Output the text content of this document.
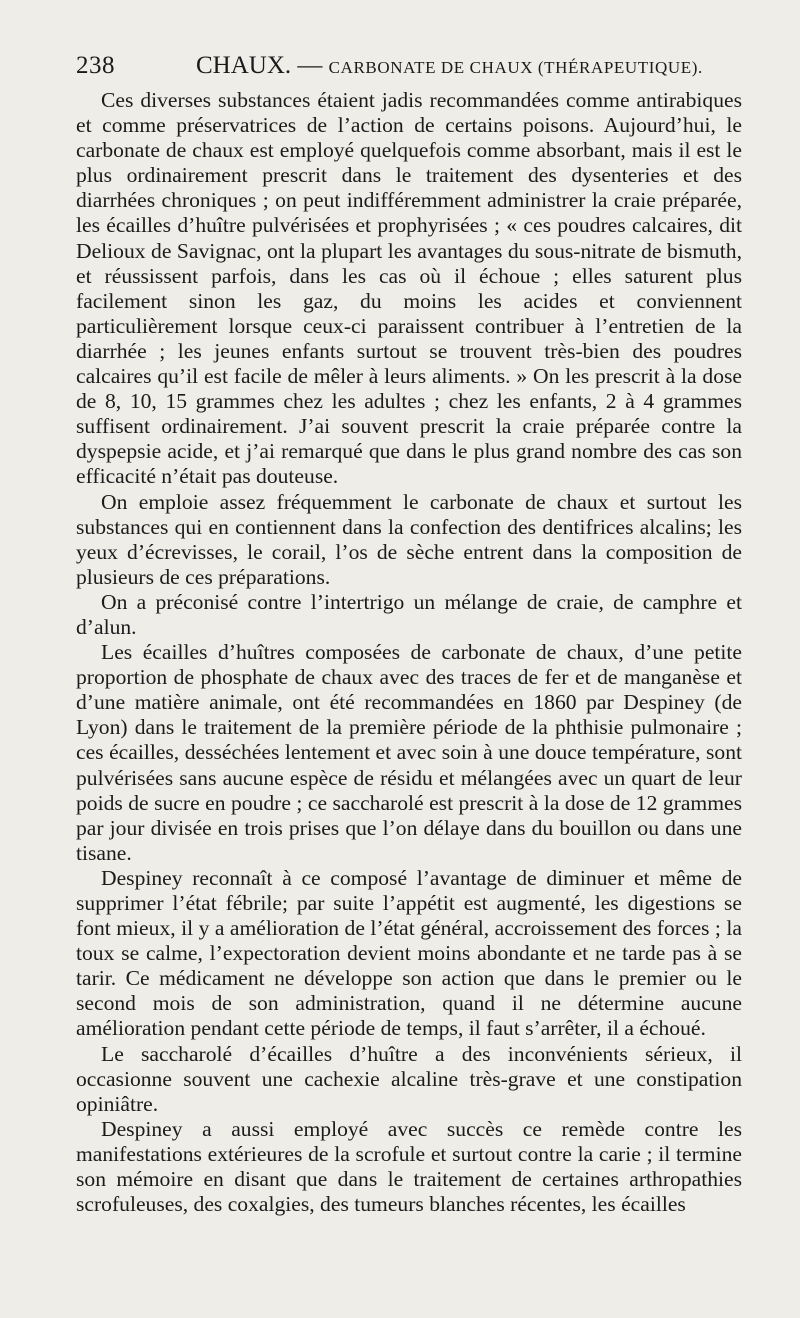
238	CHAUX. — CARBONATE DE CHAUX (THÉRAPEUTIQUE).

Ces diverses substances étaient jadis recommandées comme antirabiques et comme préservatrices de l’action de certains poisons. Aujourd’hui, le carbonate de chaux est employé quelquefois comme absorbant, mais il est le plus ordinairement prescrit dans le traitement des dysenteries et des diarrhées chroniques ; on peut indifféremment administrer la craie préparée, les écailles d’huître pulvérisées et prophyrisées ; « ces poudres calcaires, dit Delioux de Savignac, ont la plupart les avantages du sous-nitrate de bismuth, et réussissent parfois, dans les cas où il échoue ; elles saturent plus facilement sinon les gaz, du moins les acides et conviennent particulièrement lorsque ceux-ci paraissent contribuer à l’entretien de la diarrhée ; les jeunes enfants surtout se trouvent très-bien des poudres calcaires qu’il est facile de mêler à leurs aliments. » On les prescrit à la dose de 8, 10, 15 grammes chez les adultes ; chez les enfants, 2 à 4 grammes suffisent ordinairement. J’ai souvent prescrit la craie préparée contre la dyspepsie acide, et j’ai remarqué que dans le plus grand nombre des cas son efficacité n’était pas douteuse.

On emploie assez fréquemment le carbonate de chaux et surtout les substances qui en contiennent dans la confection des dentifrices alcalins; les yeux d’écrevisses, le corail, l’os de sèche entrent dans la composition de plusieurs de ces préparations.

On a préconisé contre l’intertrigo un mélange de craie, de camphre et d’alun.

Les écailles d’huîtres composées de carbonate de chaux, d’une petite proportion de phosphate de chaux avec des traces de fer et de manganèse et d’une matière animale, ont été recommandées en 1860 par Despiney (de Lyon) dans le traitement de la première période de la phthisie pulmonaire ; ces écailles, desséchées lentement et avec soin à une douce température, sont pulvérisées sans aucune espèce de résidu et mélangées avec un quart de leur poids de sucre en poudre ; ce saccharolé est prescrit à la dose de 12 grammes par jour divisée en trois prises que l’on délaye dans du bouillon ou dans une tisane.

Despiney reconnaît à ce composé l’avantage de diminuer et même de supprimer l’état fébrile; par suite l’appétit est augmenté, les digestions se font mieux, il y a amélioration de l’état général, accroissement des forces ; la toux se calme, l’expectoration devient moins abondante et ne tarde pas à se tarir. Ce médicament ne développe son action que dans le premier ou le second mois de son administration, quand il ne détermine aucune amélioration pendant cette période de temps, il faut s’arrêter, il a échoué.

Le saccharolé d’écailles d’huître a des inconvénients sérieux, il occasionne souvent une cachexie alcaline très-grave et une constipation opiniâtre.

Despiney a aussi employé avec succès ce remède contre les manifestations extérieures de la scrofule et surtout contre la carie ; il termine son mémoire en disant que dans le traitement de certaines arthropathies scrofuleuses, des coxalgies, des tumeurs blanches récentes, les écailles
